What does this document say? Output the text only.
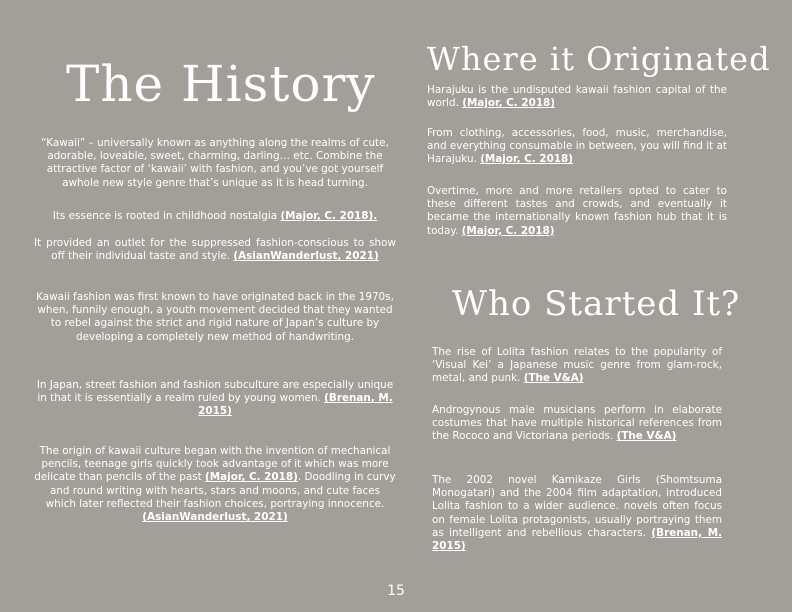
The History

“Kawaii” – universally known as anything along the realms of cute, adorable, loveable, sweet, charming, darling… etc. Combine the attractive factor of ‘kawaii’ with fashion, and you’ve got yourself awhole new style genre that’s unique as it is head turning.

Its essence is rooted in childhood nostalgia (Major, C. 2018).

It provided an outlet for the suppressed fashion-conscious to show off their individual taste and style. (AsianWanderlust, 2021)

Kawaii fashion was first known to have originated back in the 1970s, when, funnily enough, a youth movement decided that they wanted to rebel against the strict and rigid nature of Japan’s culture by developing a completely new method of handwriting.

In Japan, street fashion and fashion subculture are especially unique in that it is essentially a realm ruled by young women. (Brenan, M. 2015)

The origin of kawaii culture began with the invention of mechanical pencils, teenage girls quickly took advantage of it which was more delicate than pencils of the past (Major, C. 2018). Doodling in curvy and round writing with hearts, stars and moons, and cute faces which later reflected their fashion choices, portraying innocence.
(AsianWanderlust, 2021)

Where it Originated

Harajuku is the undisputed kawaii fashion capital of the world. (Major, C. 2018)

From clothing, accessories, food, music, merchandise, and everything consumable in between, you will find it at Harajuku. (Major, C. 2018)

Overtime, more and more retailers opted to cater to these different tastes and crowds, and eventually it became the internationally known fashion hub that it is today. (Major, C. 2018)

Who Started It?

The rise of Lolita fashion relates to the popularity of ‘Visual Kei’ a Japanese music genre from glam-rock, metal, and punk. (The V&A)

Androgynous male musicians perform in elaborate costumes that have multiple historical references from the Rococo and Victoriana periods. (The V&A)

The 2002 novel Kamikaze Girls (Shomtsuma Monogatari) and the 2004 film adaptation, introduced Lolita fashion to a wider audience. novels often focus on female Lolita protagonists, usually portraying them as intelligent and rebellious characters. (Brenan, M. 2015)

15
